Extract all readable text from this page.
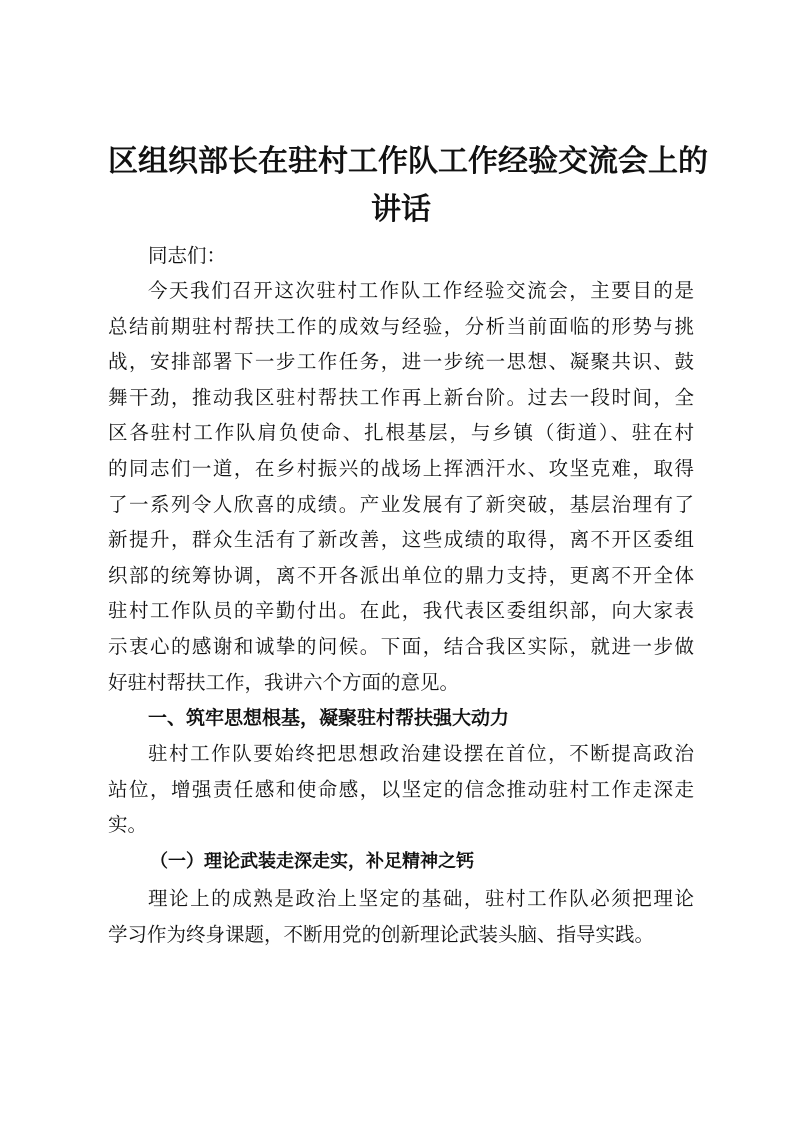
区组织部长在驻村工作队工作经验交流会上的
讲话

同志们：

今天我们召开这次驻村工作队工作经验交流会，主要目的是
总结前期驻村帮扶工作的成效与经验，分析当前面临的形势与挑
战，安排部署下一步工作任务，进一步统一思想、凝聚共识、鼓
舞干劲，推动我区驻村帮扶工作再上新台阶。过去一段时间，全
区各驻村工作队肩负使命、扎根基层，与乡镇（街道）、驻在村
的同志们一道，在乡村振兴的战场上挥洒汗水、攻坚克难，取得
了一系列令人欣喜的成绩。产业发展有了新突破，基层治理有了
新提升，群众生活有了新改善，这些成绩的取得，离不开区委组
织部的统筹协调，离不开各派出单位的鼎力支持，更离不开全体
驻村工作队员的辛勤付出。在此，我代表区委组织部，向大家表
示衷心的感谢和诚挚的问候。下面，结合我区实际，就进一步做
好驻村帮扶工作，我讲六个方面的意见。

一、筑牢思想根基，凝聚驻村帮扶强大动力

驻村工作队要始终把思想政治建设摆在首位，不断提高政治
站位，增强责任感和使命感，以坚定的信念推动驻村工作走深走
实。

（一）理论武装走深走实，补足精神之钙

理论上的成熟是政治上坚定的基础，驻村工作队必须把理论
学习作为终身课题，不断用党的创新理论武装头脑、指导实践。
